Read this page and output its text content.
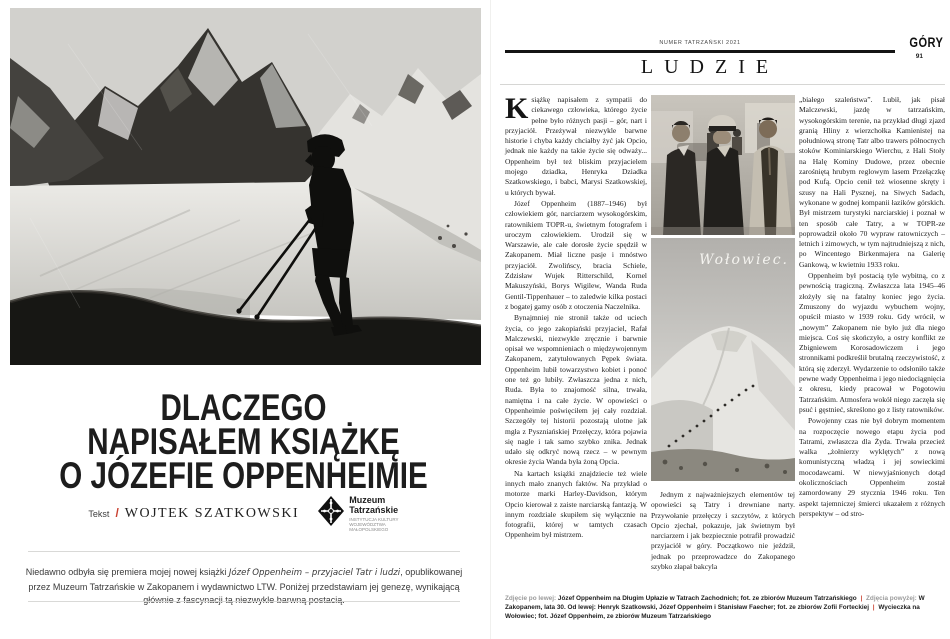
DLACZEGO
NAPISAŁEM KSIĄŻKĘ
O JÓZEFIE OPPENHEIMIE
Tekst / WOJTEK SZATKOWSKI
Muzeum
Tatrzańskie
INSTYTUCJA KULTURY
WOJEWÓDZTWA
MAŁOPOLSKIEGO

Niedawno odbyła się premiera mojej nowej książki Józef Oppenheim – przyjaciel Tatr i ludzi, opublikowanej przez Muzeum Tatrzańskie w Zakopanem i wydawnictwo LTW. Poniżej przedstawiam jej genezę, wynikającą głównie z fascynacji tą niezwykle barwną postacią.

NUMER TATRZAŃSKI 2021	GÓRY
91
LUDZIE

Książkę napisałem z sympatii do ciekawego człowieka, którego życie pełne było różnych pasji – gór, nart i przyjaciół. Przeżywał niezwykle barwne historie i chyba każdy chciałby żyć jak Opcio, jednak nie każdy na takie życie się odważy... Oppenheim był też bliskim przyjacielem mojego dziadka, Henryka Dziadka Szatkowskiego, i babci, Marysi Szatkowskiej, u których bywał.

Józef Oppenheim (1887–1946) był człowiekiem gór, narciarzem wysokogórskim, ratownikiem TOPR-u, świetnym fotografem i uroczym człowiekiem. Urodził się w Warszawie, ale całe dorosłe życie spędził w Zakopanem. Miał liczne pasje i mnóstwo przyjaciół. Zwolińscy, bracia Schiele, Zdzisław Wujek Ritterschild, Kornel Makuszyński, Borys Wigilew, Wanda Ruda Gentil-Tippenhauer – to zaledwie kilka postaci z bogatej gamy osób z otoczenia Naczelnika.

Bynajmniej nie stronił także od uciech życia, co jego zakopiański przyjaciel, Rafał Malczewski, niezwykle zręcznie i barwnie opisał we wspomnieniach o międzywojennym Zakopanem, zatytułowanych Pępek świata. Oppenheim lubił towarzystwo kobiet i ponoć one też go lubiły. Zwłaszcza jedna z nich, Ruda. Była to znajomość silna, trwała, namiętna i na całe życie. W opowieści o Oppenheimie poświęciłem jej cały rozdział. Szczegóły tej historii pozostają ulotne jak mgła z Pyszniańskiej Przełęczy, która pojawia się nagle i tak samo szybko znika. Jednak udało się odkryć nową rzecz – w pewnym okresie życia Wanda była żoną Opcia.

Na kartach książki znajdziecie też wiele innych mało znanych faktów. Na przykład o motorze marki Harley-Davidson, którym Opcio kierował z zaiste narciarską fantazją. W innym rozdziale skupiłem się wyłącznie na fotografii, której w tamtych czasach Oppenheim był mistrzem.

Wołowiec.

Jednym z najważniejszych elementów tej opowieści są Tatry i drewniane narty. Przywołanie przełęczy i szczytów, z których Opcio zjechał, pokazuje, jak świetnym był narciarzem i jak bezpiecznie potrafił prowadzić przyjaciół w góry. Początkowo nie jeździł, jednak po przeprowadzce do Zakopanego szybko złapał bakcyla

„białego szaleństwa”. Lubił, jak pisał Malczewski, jazdę w tatrzańskim, wysokogórskim terenie, na przykład długi zjazd granią Hliny z wierzchołka Kamienistej na południową stronę Tatr albo trawers północnych stoków Kominiarskiego Wierchu, z Hali Stoły na Halę Kominy Dudowe, przez obecnie zarośniętą hrubym reglowym lasem Przełączkę pod Kufą. Opcio cenił też wiosenne skręty i szusy na Hali Pysznej, na Siwych Sadach, wykonane w godnej kompanii łazików górskich. Był mistrzem turystyki narciarskiej i poznał w ten sposób całe Tatry, a w TOPR-ze poprowadził około 70 wypraw ratowniczych – letnich i zimowych, w tym najtrudniejszą z nich, po Wincentego Birkenmajera na Galerię Gankową, w kwietniu 1933 roku.

Oppenheim był postacią tyle wybitną, co z pewnością tragiczną. Zwłaszcza lata 1945–46 złożyły się na fatalny koniec jego życia. Zmuszony do wyjazdu wybuchem wojny, opuścił miasto w 1939 roku. Gdy wrócił, w „nowym” Zakopanem nie było już dla niego miejsca. Coś się skończyło, a ostry konflikt ze Zbigniewem Korosadowiczem i jego stronnikami podkreślił brutalną rzeczywistość, z którą się zderzył. Wydarzenie to odsłoniło także pewne wady Oppenheima i jego niedociągnięcia z okresu, kiedy pracował w Pogotowiu Tatrzańskim. Atmosfera wokół niego zaczęła się psuć i gęstnieć, skreślono go z listy ratowników.

Powojenny czas nie był dobrym momentem na rozpoczęcie nowego etapu życia pod Tatrami, zwłaszcza dla Żyda. Trwała przecież walka „żołnierzy wyklętych” z nową komunistyczną władzą i jej sowieckimi mocodawcami. W niewyjaśnionych dotąd okolicznościach Oppenheim został zamordowany 29 stycznia 1946 roku. Ten aspekt tajemniczej śmierci ukazałem z różnych perspektyw – od stro-

Zdjęcie po lewej: Józef Oppenheim na Długim Upłazie w Tatrach Zachodnich; fot. ze zbiorów Muzeum Tatrzańskiego | Zdjęcia powyżej: W Zakopanem, lata 30. Od lewej: Henryk Szatkowski, Józef Oppenheim i Stanisław Faecher; fot. ze zbiorów Zofii Forteckiej | Wycieczka na Wołowiec; fot. Józef Oppenheim, ze zbiorów Muzeum Tatrzańskiego
